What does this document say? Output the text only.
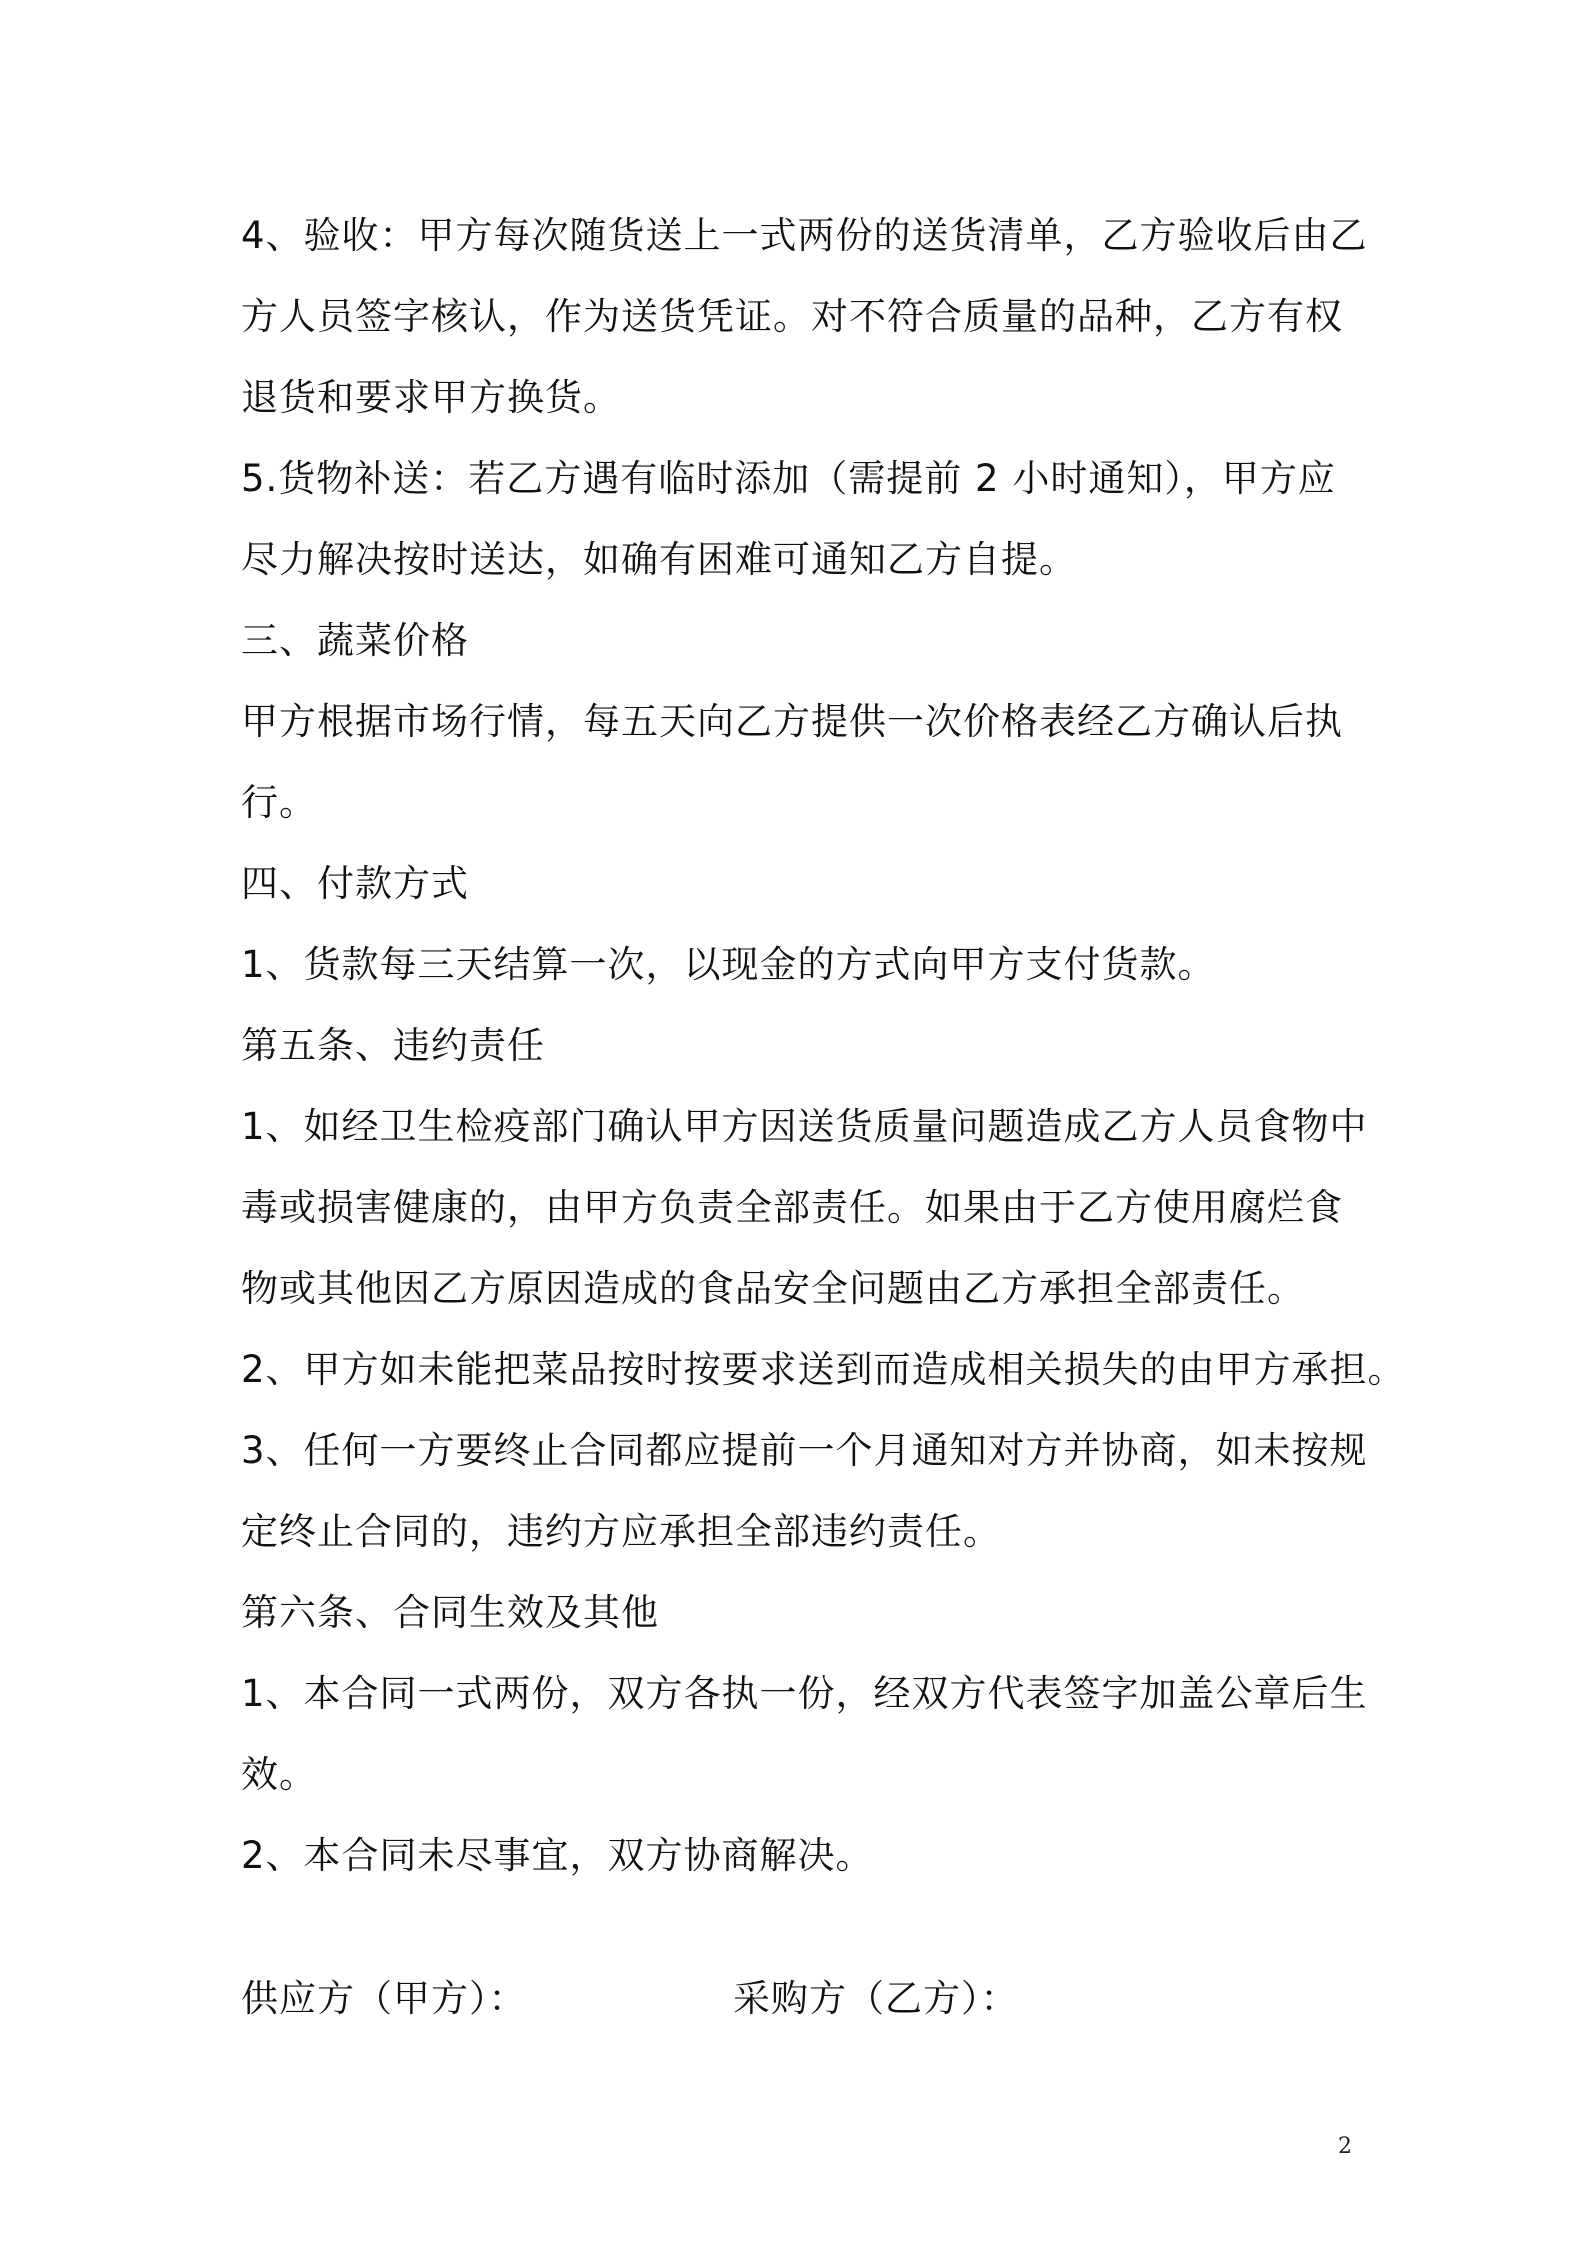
4、验收：甲方每次随货送上一式两份的送货清单，乙方验收后由乙
方人员签字核认，作为送货凭证。对不符合质量的品种，乙方有权
退货和要求甲方换货。
5.货物补送：若乙方遇有临时添加（需提前 2 小时通知），甲方应
尽力解决按时送达，如确有困难可通知乙方自提。
三、蔬菜价格
甲方根据市场行情，每五天向乙方提供一次价格表经乙方确认后执
行。
四、付款方式
1、货款每三天结算一次，以现金的方式向甲方支付货款。
第五条、违约责任
1、如经卫生检疫部门确认甲方因送货质量问题造成乙方人员食物中
毒或损害健康的，由甲方负责全部责任。如果由于乙方使用腐烂食
物或其他因乙方原因造成的食品安全问题由乙方承担全部责任。
2、甲方如未能把菜品按时按要求送到而造成相关损失的由甲方承担。
3、任何一方要终止合同都应提前一个月通知对方并协商，如未按规
定终止合同的，违约方应承担全部违约责任。
第六条、合同生效及其他
1、本合同一式两份，双方各执一份，经双方代表签字加盖公章后生
效。
2、本合同未尽事宜，双方协商解决。
供应方（甲方）：	采购方（乙方）：
2
